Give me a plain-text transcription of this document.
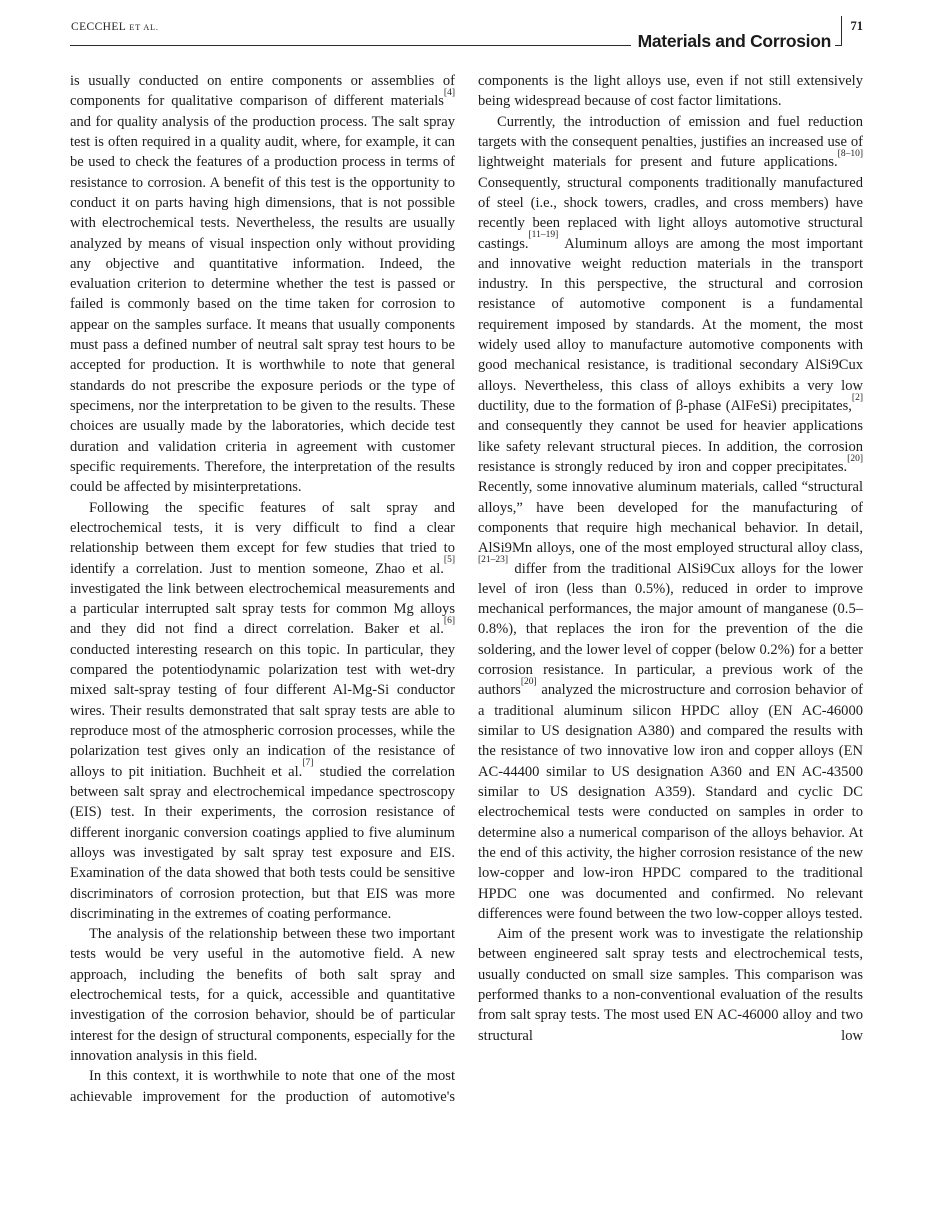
CECCHEL ET AL.
Materials and Corrosion
71

is usually conducted on entire components or assemblies of components for qualitative comparison of different materials[4] and for quality analysis of the production process. The salt spray test is often required in a quality audit, where, for example, it can be used to check the features of a production process in terms of resistance to corrosion. A benefit of this test is the opportunity to conduct it on parts having high dimensions, that is not possible with electrochemical tests. Nevertheless, the results are usually analyzed by means of visual inspection only without providing any objective and quantitative information. Indeed, the evaluation criterion to determine whether the test is passed or failed is commonly based on the time taken for corrosion to appear on the samples surface. It means that usually components must pass a defined number of neutral salt spray test hours to be accepted for production. It is worthwhile to note that general standards do not prescribe the exposure periods or the type of specimens, nor the interpretation to be given to the results. These choices are usually made by the laboratories, which decide test duration and validation criteria in agreement with customer specific requirements. Therefore, the interpretation of the results could be affected by misinterpretations.

Following the specific features of salt spray and electrochemical tests, it is very difficult to find a clear relationship between them except for few studies that tried to identify a correlation. Just to mention someone, Zhao et al.[5] investigated the link between electrochemical measurements and a particular interrupted salt spray tests for common Mg alloys and they did not find a direct correlation. Baker et al.[6] conducted interesting research on this topic. In particular, they compared the potentiodynamic polarization test with wet-dry mixed salt-spray testing of four different Al-Mg-Si conductor wires. Their results demonstrated that salt spray tests are able to reproduce most of the atmospheric corrosion processes, while the polarization test gives only an indication of the resistance of alloys to pit initiation. Buchheit et al.[7] studied the correlation between salt spray and electrochemical impedance spectroscopy (EIS) test. In their experiments, the corrosion resistance of different inorganic conversion coatings applied to five aluminum alloys was investigated by salt spray test exposure and EIS. Examination of the data showed that both tests could be sensitive discriminators of corrosion protection, but that EIS was more discriminating in the extremes of coating performance.

The analysis of the relationship between these two important tests would be very useful in the automotive field. A new approach, including the benefits of both salt spray and electrochemical tests, for a quick, accessible and quantitative investigation of the corrosion behavior, should be of particular interest for the design of structural components, especially for the innovation analysis in this field.

In this context, it is worthwhile to note that one of the most achievable improvement for the production of automotive's

components is the light alloys use, even if not still extensively being widespread because of cost factor limitations.

Currently, the introduction of emission and fuel reduction targets with the consequent penalties, justifies an increased use of lightweight materials for present and future applications.[8–10] Consequently, structural components traditionally manufactured of steel (i.e., shock towers, cradles, and cross members) have recently been replaced with light alloys automotive structural castings.[11–19] Aluminum alloys are among the most important and innovative weight reduction materials in the transport industry. In this perspective, the structural and corrosion resistance of automotive component is a fundamental requirement imposed by standards. At the moment, the most widely used alloy to manufacture automotive components with good mechanical resistance, is traditional secondary AlSi9Cux alloys. Nevertheless, this class of alloys exhibits a very low ductility, due to the formation of β-phase (AlFeSi) precipitates,[2] and consequently they cannot be used for heavier applications like safety relevant structural pieces. In addition, the corrosion resistance is strongly reduced by iron and copper precipitates.[20] Recently, some innovative aluminum materials, called “structural alloys,” have been developed for the manufacturing of components that require high mechanical behavior. In detail, AlSi9Mn alloys, one of the most employed structural alloy class,[21–23] differ from the traditional AlSi9Cux alloys for the lower level of iron (less than 0.5%), reduced in order to improve mechanical performances, the major amount of manganese (0.5–0.8%), that replaces the iron for the prevention of the die soldering, and the lower level of copper (below 0.2%) for a better corrosion resistance. In particular, a previous work of the authors[20] analyzed the microstructure and corrosion behavior of a traditional aluminum silicon HPDC alloy (EN AC-46000 similar to US designation A380) and compared the results with the resistance of two innovative low iron and copper alloys (EN AC-44400 similar to US designation A360 and EN AC-43500 similar to US designation A359). Standard and cyclic DC electrochemical tests were conducted on samples in order to determine also a numerical comparison of the alloys behavior. At the end of this activity, the higher corrosion resistance of the new low-copper and low-iron HPDC compared to the traditional HPDC one was documented and confirmed. No relevant differences were found between the two low-copper alloys tested.

Aim of the present work was to investigate the relationship between engineered salt spray tests and electrochemical tests, usually conducted on small size samples. This comparison was performed thanks to a non-conventional evaluation of the results from salt spray tests. The most used EN AC-46000 alloy and two structural low
